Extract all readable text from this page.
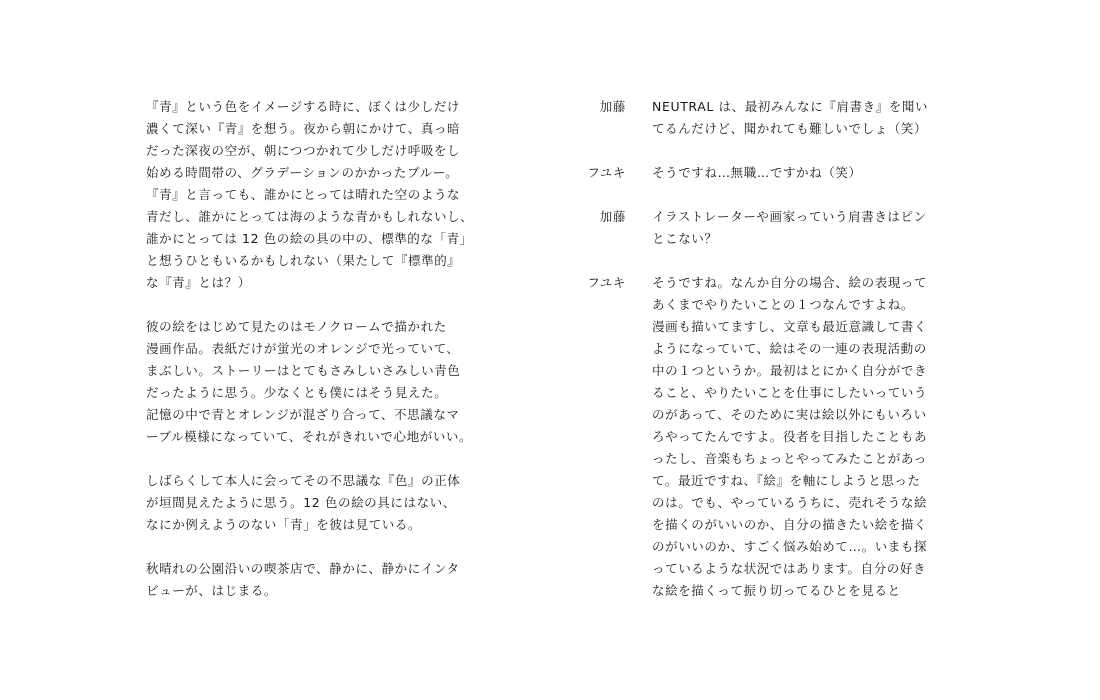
『青』という色をイメージする時に、ぼくは少しだけ
濃くて深い『青』を想う。夜から朝にかけて、真っ暗
だった深夜の空が、朝につつかれて少しだけ呼吸をし
始める時間帯の、グラデーションのかかったブルー。
『青』と言っても、誰かにとっては晴れた空のような
青だし、誰かにとっては海のような青かもしれないし、
誰かにとっては 12 色の絵の具の中の、標準的な「青」
と想うひともいるかもしれない（果たして『標準的』
な『青』とは？）

彼の絵をはじめて見たのはモノクロームで描かれた
漫画作品。表紙だけが蛍光のオレンジで光っていて、
まぶしい。ストーリーはとてもさみしいさみしい青色
だったように思う。少なくとも僕にはそう見えた。
記憶の中で青とオレンジが混ざり合って、不思議なマ
ーブル模様になっていて、それがきれいで心地がいい。

しばらくして本人に会ってその不思議な『色』の正体
が垣間見えたように思う。12 色の絵の具にはない、
なにか例えようのない「青」を彼は見ている。

秋晴れの公園沿いの喫茶店で、静かに、静かにインタ
ビューが、はじまる。

加藤 NEUTRAL は、最初みんなに『肩書き』を聞い
てるんだけど、聞かれても難しいでしょ（笑）
フユキ そうですね…無職…ですかね（笑）
加藤 イラストレーターや画家っていう肩書きはピン
とこない？
フユキ そうですね。なんか自分の場合、絵の表現って
あくまでやりたいことの１つなんですよね。
漫画も描いてますし、文章も最近意識して書く
ようになっていて、絵はその一連の表現活動の
中の１つというか。最初はとにかく自分ができ
ること、やりたいことを仕事にしたいっていう
のがあって、そのために実は絵以外にもいろい
ろやってたんですよ。役者を目指したこともあ
ったし、音楽もちょっとやってみたことがあっ
て。最近ですね、『絵』を軸にしようと思った
のは。でも、やっているうちに、売れそうな絵
を描くのがいいのか、自分の描きたい絵を描く
のがいいのか、すごく悩み始めて…。いまも探
っているような状況ではあります。自分の好き
な絵を描くって振り切ってるひとを見ると
